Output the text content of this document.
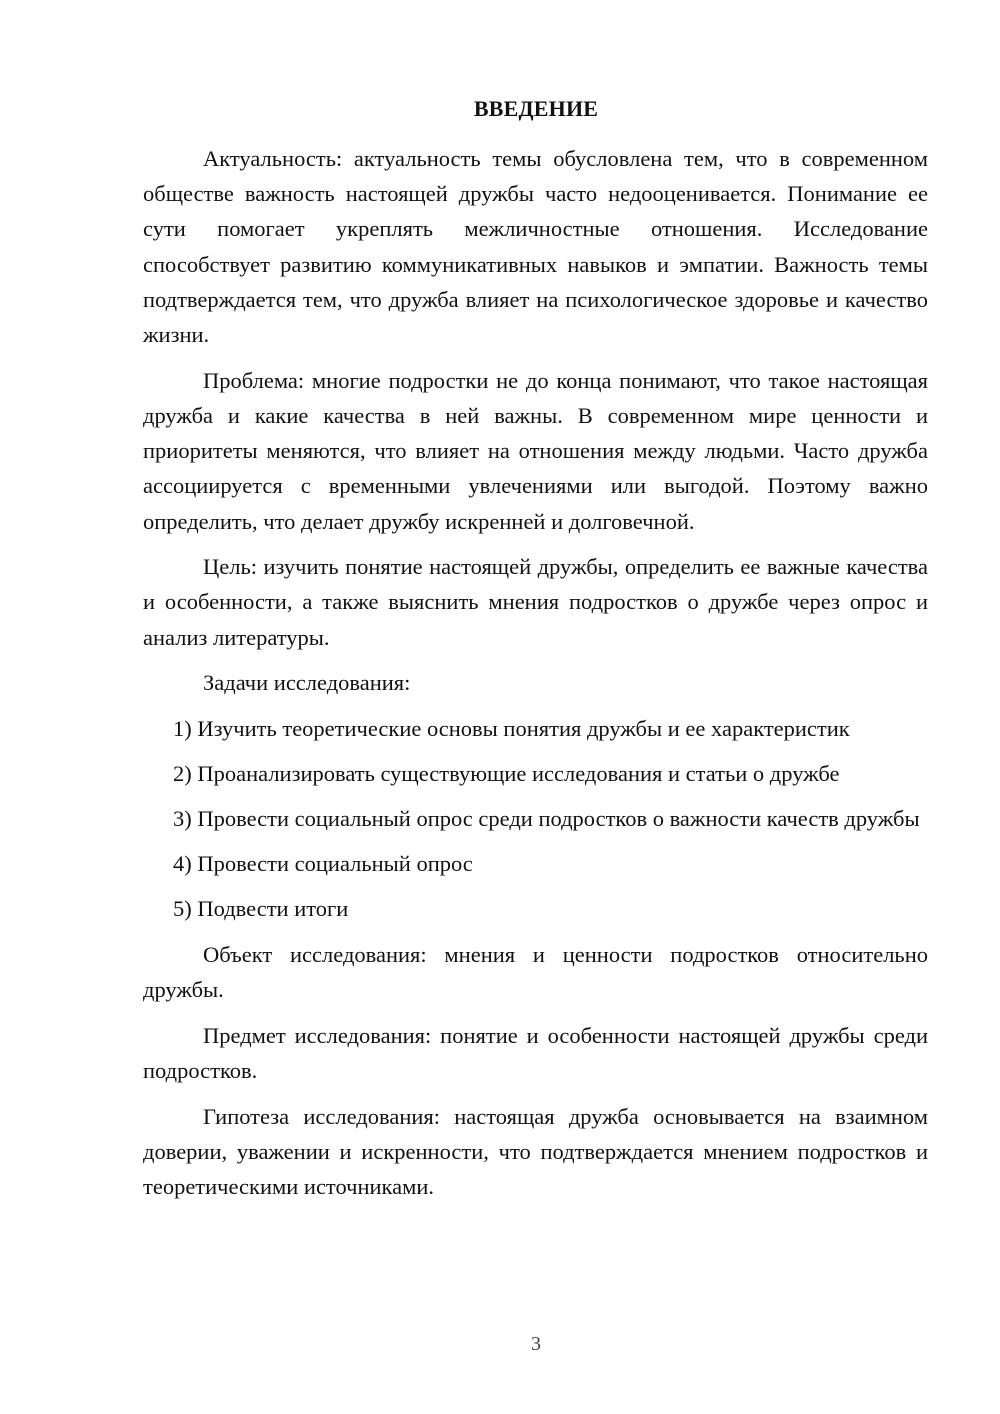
ВВЕДЕНИЕ

Актуальность: актуальность темы обусловлена тем, что в современном обществе важность настоящей дружбы часто недооценивается. Понимание ее сути помогает укреплять межличностные отношения. Исследование способствует развитию коммуникативных навыков и эмпатии. Важность темы подтверждается тем, что дружба влияет на психологическое здоровье и качество жизни.

Проблема: многие подростки не до конца понимают, что такое настоящая дружба и какие качества в ней важны. В современном мире ценности и приоритеты меняются, что влияет на отношения между людьми. Часто дружба ассоциируется с временными увлечениями или выгодой. Поэтому важно определить, что делает дружбу искренней и долговечной.

Цель: изучить понятие настоящей дружбы, определить ее важные качества и особенности, а также выяснить мнения подростков о дружбе через опрос и анализ литературы.

Задачи исследования:

1) Изучить теоретические основы понятия дружбы и ее характеристик

2) Проанализировать существующие исследования и статьи о дружбе

3) Провести социальный опрос среди подростков о важности качеств дружбы

4) Провести социальный опрос

5) Подвести итоги

Объект исследования: мнения и ценности подростков относительно дружбы.

Предмет исследования: понятие и особенности настоящей дружбы среди подростков.

Гипотеза исследования: настоящая дружба основывается на взаимном доверии, уважении и искренности, что подтверждается мнением подростков и теоретическими источниками.

3
